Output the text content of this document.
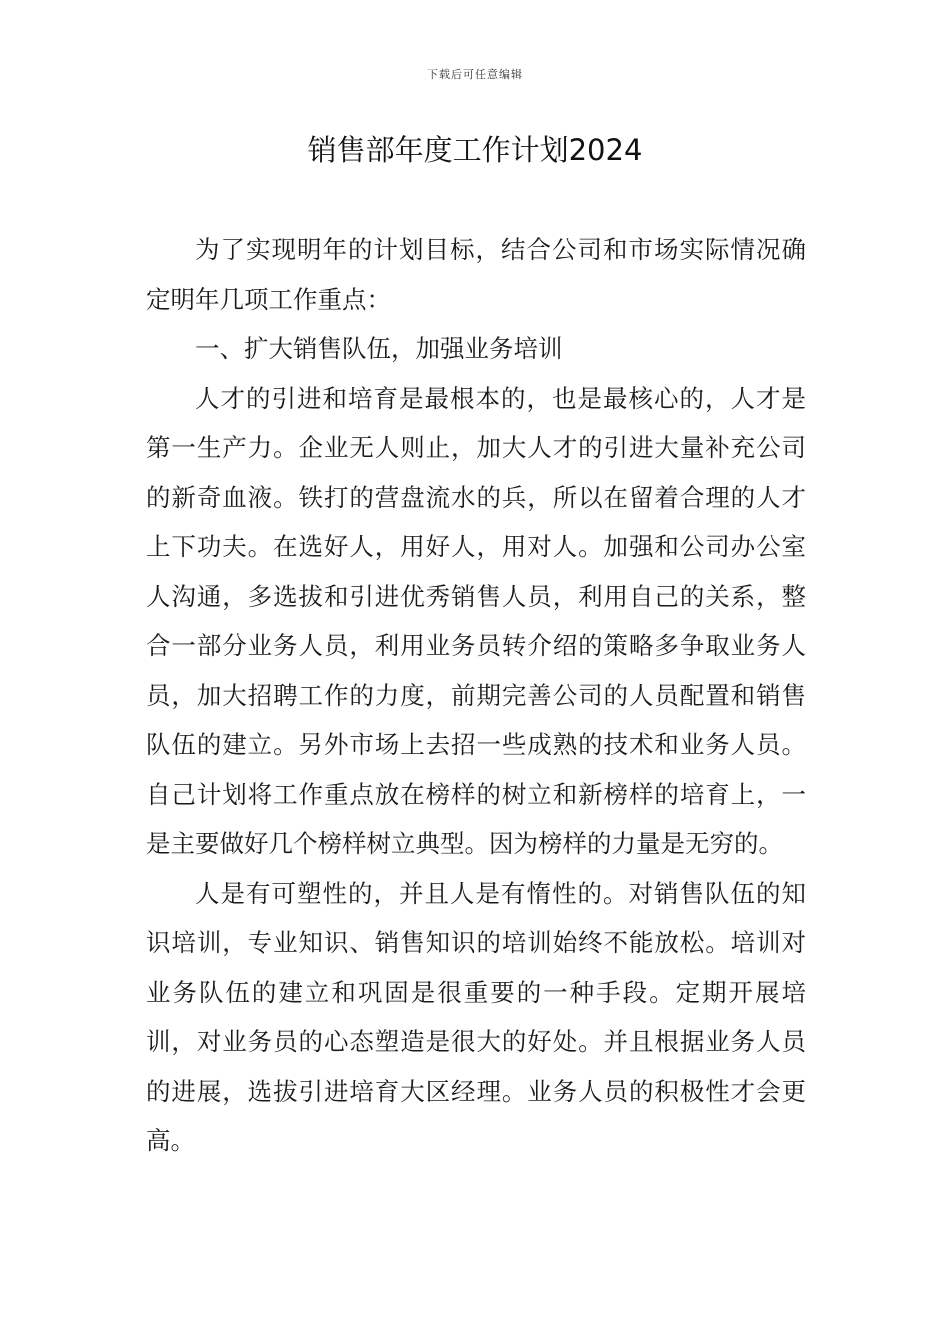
下载后可任意编辑
销售部年度工作计划2024

为了实现明年的计划目标，结合公司和市场实际情况确定明年几项工作重点：

一、扩大销售队伍，加强业务培训

人才的引进和培育是最根本的，也是最核心的，人才是第一生产力。企业无人则止，加大人才的引进大量补充公司的新奇血液。铁打的营盘流水的兵，所以在留着合理的人才上下功夫。在选好人，用好人，用对人。加强和公司办公室人沟通，多选拔和引进优秀销售人员，利用自己的关系，整合一部分业务人员，利用业务员转介绍的策略多争取业务人员，加大招聘工作的力度，前期完善公司的人员配置和销售队伍的建立。另外市场上去招一些成熟的技术和业务人员。自己计划将工作重点放在榜样的树立和新榜样的培育上，一是主要做好几个榜样树立典型。因为榜样的力量是无穷的。

人是有可塑性的，并且人是有惰性的。对销售队伍的知识培训，专业知识、销售知识的培训始终不能放松。培训对业务队伍的建立和巩固是很重要的一种手段。定期开展培训，对业务员的心态塑造是很大的好处。并且根据业务人员的进展，选拔引进培育大区经理。业务人员的积极性才会更高。
